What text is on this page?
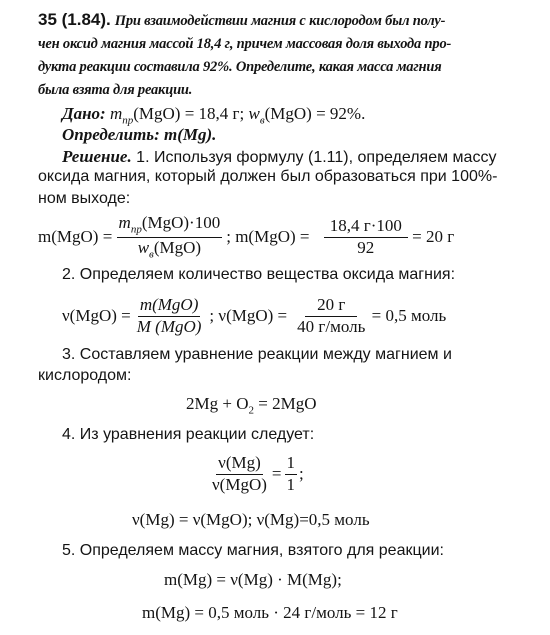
35 (1.84). При взаимодействии магния с кислородом был полу-
чен оксид магния массой 18,4 г, причем массовая доля выхода про-
дукта реакции составила 92%. Определите, какая масса магния
была взята для реакции.
Дано: $m_{пр}(MgO) = 18,4$ г; $w_в(MgO) = 92\%$.
Определить: m(Mg).
Решение. 1. Используя формулу (1.11), определяем массу
оксида магния, который должен был образоваться при 100%-
ном выходе:
m(MgO) =
$\frac{m_{пр}(MgO)\cdot 100}{w_в(MgO)}$ ;
m(MgO) =
$\frac{18,4 г\cdot 100}{92}$
= 20 г
2. Определяем количество вещества оксида магния:
$\nu(MgO) = \frac{\text{m(MgO)}}{\text{M (MgO)}}$ ;
$\nu(MgO) = \frac{20 г}{\text{40 г/моль}}$
= 0,5 моль
3. Составляем уравнение реакции между магнием и
кислородом:
$2Mg + O_2 = 2MgO$
4. Из уравнения реакции следует:
$\frac{\nu(Mg)}{\text{ν(MgO)}} = \frac{1}{1}$ ;
ν(Mg) = ν(MgO); ν(Mg)=0,5 моль
5. Определяем массу магния, взятого для реакции:
m(Mg) = ν(Mg) · M(Mg);
m(Mg) = 0,5 моль · 24 г/моль = 12 г
